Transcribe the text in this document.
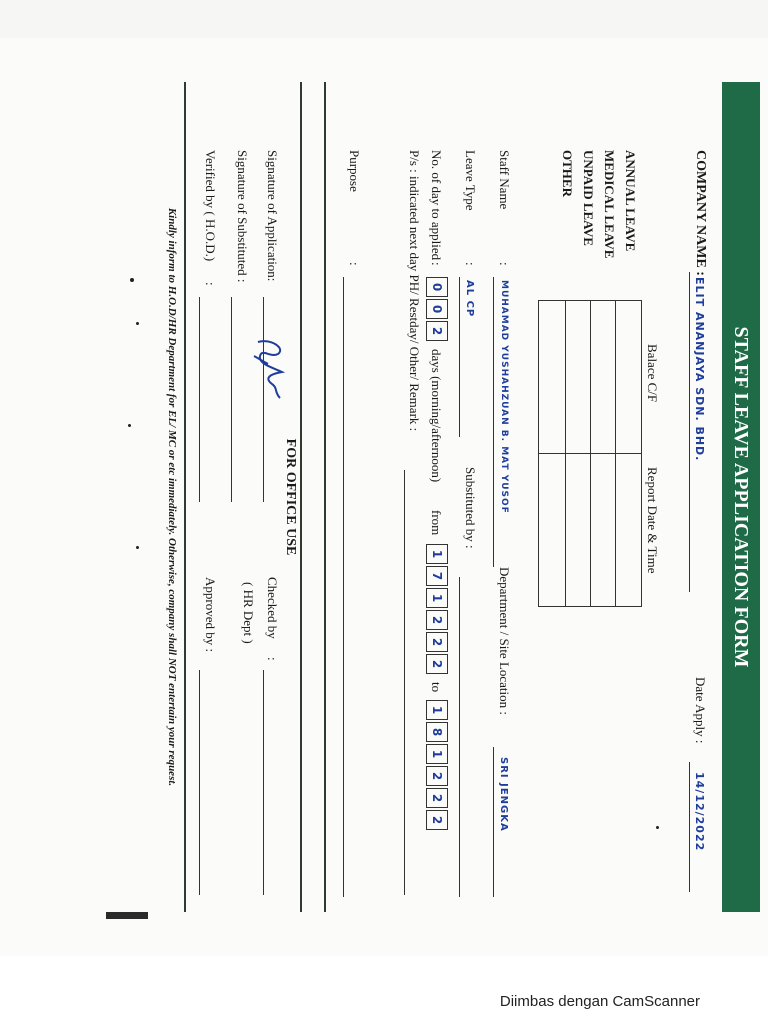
STAFF LEAVE APPLICATION FORM
COMPANY NAME :
ELIT ANANJAYA SDN. BHD.
Date Apply :
14/12/2022
Balace C/F
Report Date & Time
ANNUAL LEAVE
MEDICAL LEAVE
UNPAID LEAVE
OTHER
Staff Name
:
MUHAMAD YUSHAHZUAN B. MAT YUSOF
Department / Site Location :
SRI JENGKA
Leave Type
:
AL CP
Substituted by :
No. of day to applied
:
0
0
2
days (morning/afternoon)
from
1
7
1
2
2
2
to
1
8
1
2
2
2
P/s : indicated next day PH/ Restday/ Other/ Remark :
Purpose
:
FOR OFFICE USE
Signature of Application:
Checked by
:
Signature of Substituted :
( HR Dept )
Verified by ( H.O.D.)
:
Approved by :
Kindly inform to H.O.D/HR Department for EL/ MC or etc immediately. Otherwise, company shall NOT entertain your request.
Diimbas dengan CamScanner
